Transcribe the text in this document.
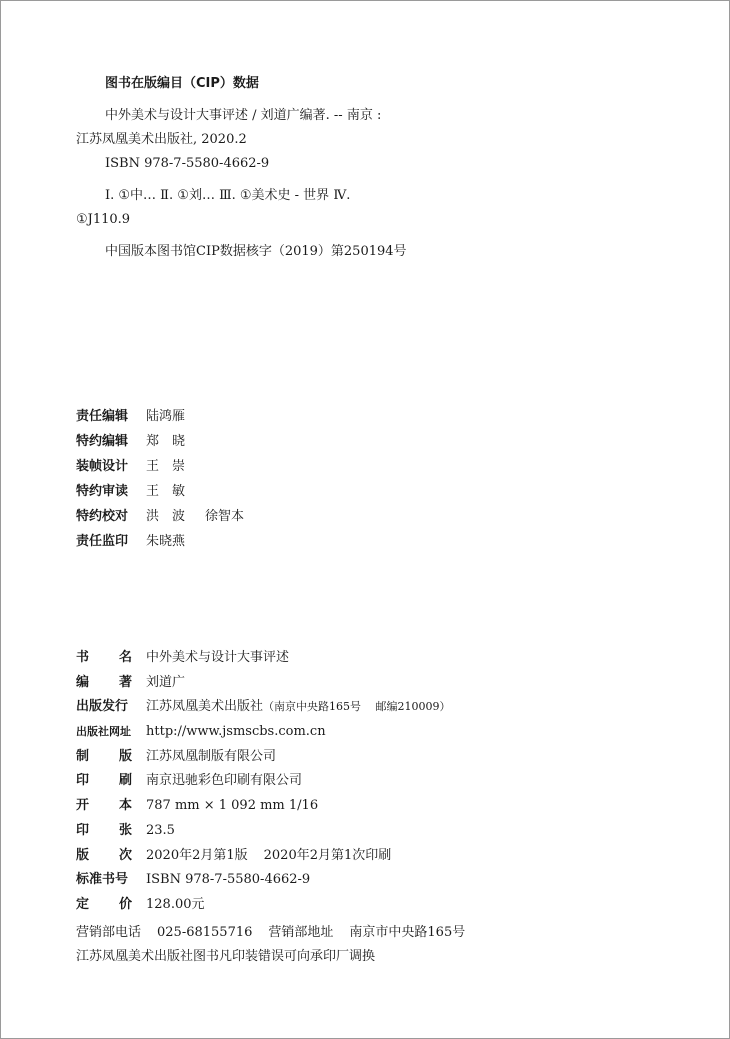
图书在版编目（CIP）数据
中外美术与设计大事评述 / 刘道广编著. -- 南京 :
江苏凤凰美术出版社, 2020.2
ISBN 978-7-5580-4662-9
Ⅰ. ①中… Ⅱ. ①刘… Ⅲ. ①美术史 - 世界 Ⅳ.
①J110.9
中国版本图书馆CIP数据核字（2019）第250194号
责任编辑	陆鸿雁
特约编辑	郑　晓
装帧设计	王　崇
特约审读	王　敏
特约校对	洪　波 徐智本
责任监印	朱晓燕
书 名 中外美术与设计大事评述
编 著 刘道广
出版发行	江苏凤凰美术出版社（南京中央路165号　 邮编210009）
出版社网址	http://www.jsmscbs.com.cn
制 版 江苏凤凰制版有限公司
印 刷 南京迅驰彩色印刷有限公司
开 本 787 mm × 1 092 mm 1/16
印 张 23.5
版 次 2020年2月第1版 2020年2月第1次印刷
标准书号	ISBN 978-7-5580-4662-9
定 价 128.00元
营销部电话 025-68155716 营销部地址 南京市中央路165号
江苏凤凰美术出版社图书凡印装错误可向承印厂调换
